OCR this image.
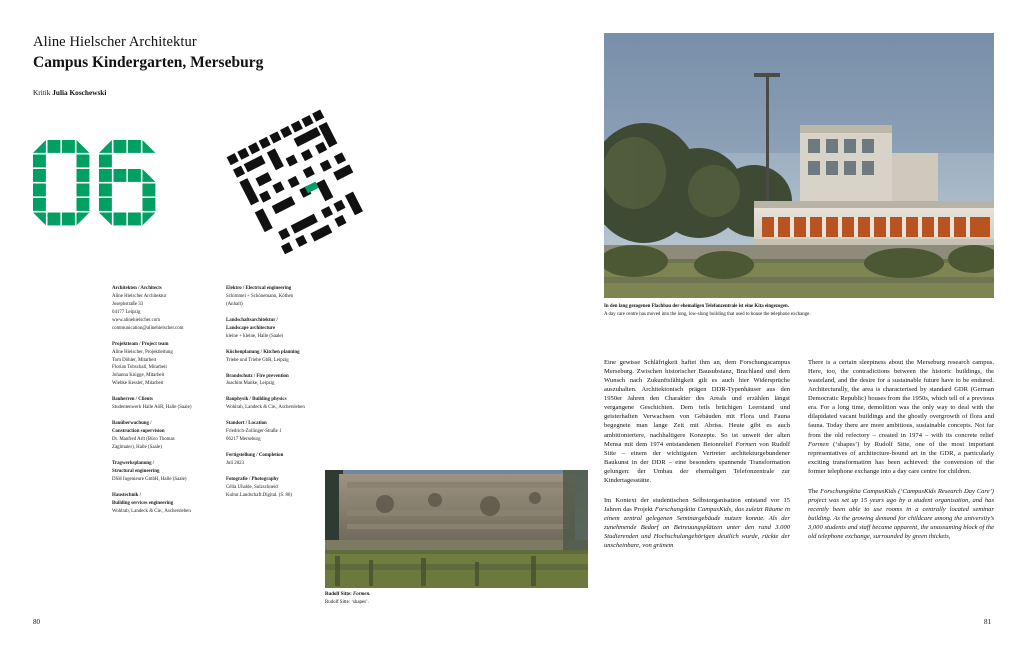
Aline Hielscher Architektur
Campus Kindergarten, Merseburg
Kritik Julia Koschewski
Architekten / Architects
Aline Hielscher Architektur
Josephstraße 33
04177 Leipzig
www.alinehielscher.com
communication@alinehielscher.com
Projektteam / Project team
Aline Hielscher, Projektleitung
Tom Döhler, Mitarbeit
Florian Tobschall, Mitarbeit
Johanna Knigge, Mitarbeit
Wiebke Kessler, Mitarbeit
Bauherren / Clients
Studentenwerk Halle AöR, Halle (Saale)
Bauüberwachung /
Construction supervision
Dr. Manfred Arlt (Büro Thomas
Zaglmaier), Halle (Saale)
Tragwerksplanung /
Structural engineering
DSH Ingenieure GmbH, Halle (Saale)
Haustechnik /
Building services engineering
Wohlrab, Landeck & Cie., Aschersleben
Elektro / Electrical engineering
Schimmel + Schönemann, Köthen
(Anhalt)
Landschaftsarchitektur /
Landscape architecture
kleine + kleine, Halle (Saale)
Küchenplanung / Kitchen planning
Triebe und Triebe GbR, Leipzig
Brandschutz / Fire prevention
Joachim Manke, Leipzig
Bauphysik / Building physics
Wohlrab, Landeck & Cie., Aschersleben
Standort / Location
Friedrich-Zollinger-Straße 1
06217 Merseburg
Fertigstellung / Completion
Juli 2023
Fotografie / Photography
Célia Uhalde, Sulzschneid
Kultur.Landschaft.Digital. (S. 86)
Rudolf Sitte: Formen.
Rudolf Sitte: ‘shapes’.
80
In den lang gezogenen Flachbau der ehemaligen Telefonzentrale ist eine Kita eingezogen.
A day care centre has moved into the long, low-slung building that used to house the telephone exchange.

Eine gewisse Schläfrigkeit haftet ihm an, dem Forschungscampus Merseburg. Zwischen historischer Bausubstanz, Brachland und dem Wunsch nach Zukunftsfähigkeit gilt es auch hier Widersprüche auszuhalten. Architektonisch prägen DDR-Typenhäuser aus den 1950er Jahren den Charakter des Areals und erzählen längst vergangene Geschichten. Dem teils brüchigen Leerstand und geisterhaften Verwachsen von Gebäuden mit Flora und Fauna begegnete man lange Zeit mit Abriss. Heute gibt es auch ambitioniertere, nachhaltigere Konzepte. So ist unweit der alten Mensa mit dem 1974 entstandenen Betonrelief Formen von Rudolf Sitte – einem der wichtigsten Vertreter architekturgebundener Baukunst in der DDR – eine besonders spannende Transformation gelungen: der Umbau der ehemaligen Telefonzentrale zur Kindertagesstätte.

Im Kontext der studentischen Selbstorganisation entstand vor 15 Jahren das Projekt Forschungskita CampusKids, das zuletzt Räume in einem zentral gelegenen Seminargebäude nutzen konnte. Als der zunehmende Bedarf an Betreuungsplätzen unter den rund 3.000 Studierenden und Hochschulangehörigen deutlich wurde, rückte der unscheinbare, von grünem

There is a certain sleepiness about the Merseburg research campus. Here, too, the contradictions between the historic buildings, the wasteland, and the desire for a sustainable future have to be endured. Architecturally, the area is characterised by standard GDR (German Democratic Republic) houses from the 1950s, which tell of a previous era. For a long time, demolition was the only way to deal with the dilapidated vacant buildings and the ghostly overgrowth of flora and fauna. Today there are more ambitious, sustainable concepts. Not far from the old refectory – created in 1974 – with its concrete relief Formen (‘shapes’) by Rudolf Sitte, one of the most important representatives of architecture-bound art in the GDR, a particularly exciting transformation has been achieved: the conversion of the former telephone exchange into a day care centre for children.

The Forschungskita CampusKids (‘CampusKids Research Day Care’) project was set up 15 years ago by a student organisation, and has recently been able to use rooms in a centrally located seminar building. As the growing demand for childcare among the university’s 3,000 students and staff became apparent, the unassuming block of the old telephone exchange, surrounded by green thickets,

81
